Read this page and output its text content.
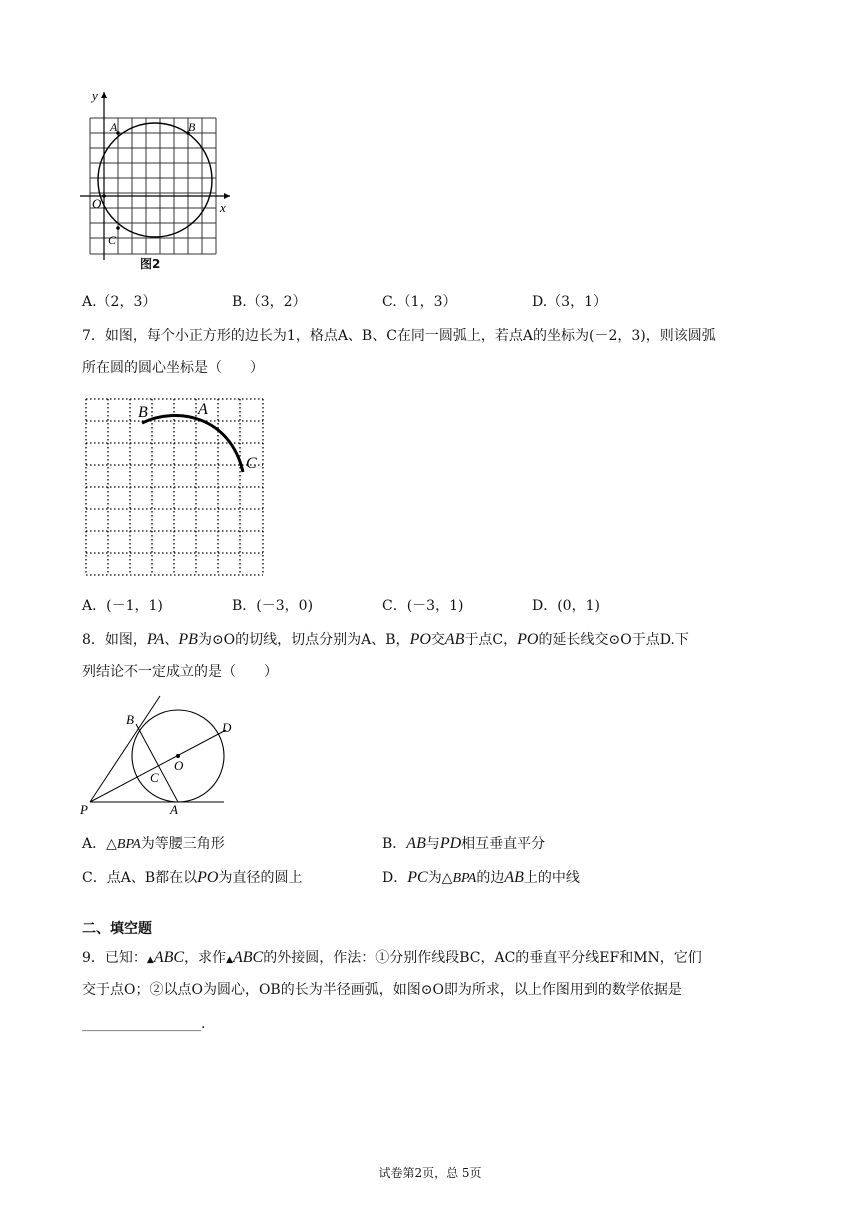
y
x
O
A	B
C
图2
A.（2，3）	B.（3，2）	C.（1，3）	D.（3，1）
7．如图，每个小正方形的边长为1，格点A、B、C在同一圆弧上，若点A的坐标为(－2，3)，则该圆弧
所在圆的圆心坐标是（　　）
B	A
C
A．(－1，1)	B．(－3，0)	C．(－3，1)	D．(0，1)
8．如图，PA、PB为⊙O的切线，切点分别为A、B，PO交AB于点C，PO的延长线交⊙O于点D.下
列结论不一定成立的是（　　）
B
D
O
C
P	A
A．△BPA为等腰三角形	B．AB与PD相互垂直平分
C．点A、B都在以PO为直径的圆上	D．PC为△BPA的边AB上的中线
二、填空题
9．已知：▲ABC，求作▲ABC的外接圆，作法：①分别作线段BC，AC的垂直平分线EF和MN，它们
交于点O；②以点O为圆心，OB的长为半径画弧，如图⊙O即为所求，以上作图用到的数学依据是
_________________.
试卷第2页，总 5页
